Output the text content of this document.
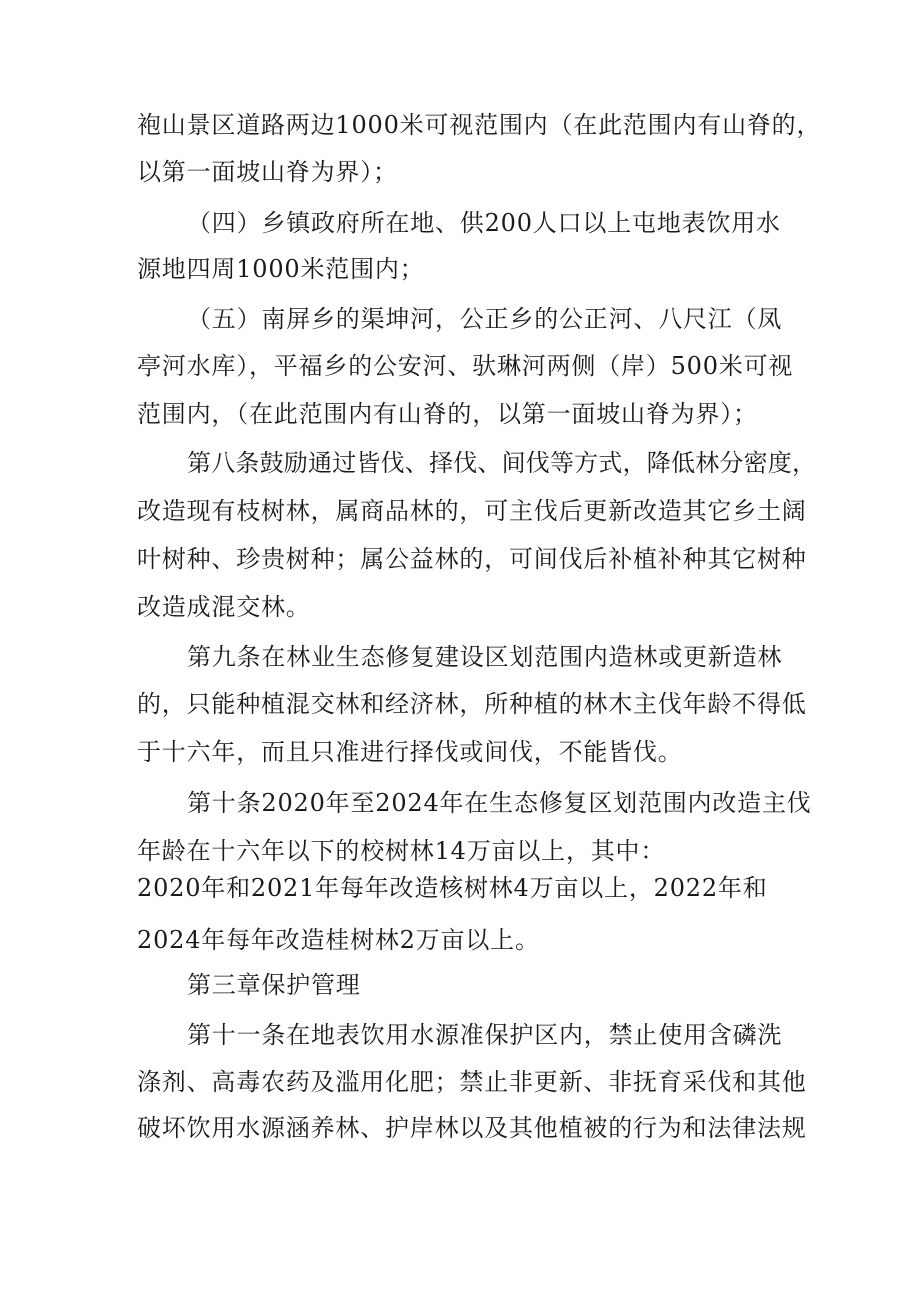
袍山景区道路两边1000米可视范围内（在此范围内有山脊的，
以第一面坡山脊为界）；
（四）乡镇政府所在地、供200人口以上屯地表饮用水
源地四周1000米范围内；
（五）南屏乡的渠坤河，公正乡的公正河、八尺江（凤
亭河水库），平福乡的公安河、驮琳河两侧（岸）500米可视
范围内，（在此范围内有山脊的，以第一面坡山脊为界）；
第八条鼓励通过皆伐、择伐、间伐等方式，降低林分密度，
改造现有枝树林，属商品林的，可主伐后更新改造其它乡土阔
叶树种、珍贵树种；属公益林的，可间伐后补植补种其它树种
改造成混交林。
第九条在林业生态修复建设区划范围内造林或更新造林
的，只能种植混交林和经济林，所种植的林木主伐年龄不得低
于十六年，而且只准进行择伐或间伐，不能皆伐。
第十条2020年至2024年在生态修复区划范围内改造主伐
年龄在十六年以下的校树林14万亩以上，其中：
2020年和2021年每年改造核树林4万亩以上，2022年和
2024年每年改造桂树林2万亩以上。
第三章保护管理
第十一条在地表饮用水源准保护区内，禁止使用含磷洗
涤剂、高毒农药及滥用化肥；禁止非更新、非抚育采伐和其他
破坏饮用水源涵养林、护岸林以及其他植被的行为和法律法规
